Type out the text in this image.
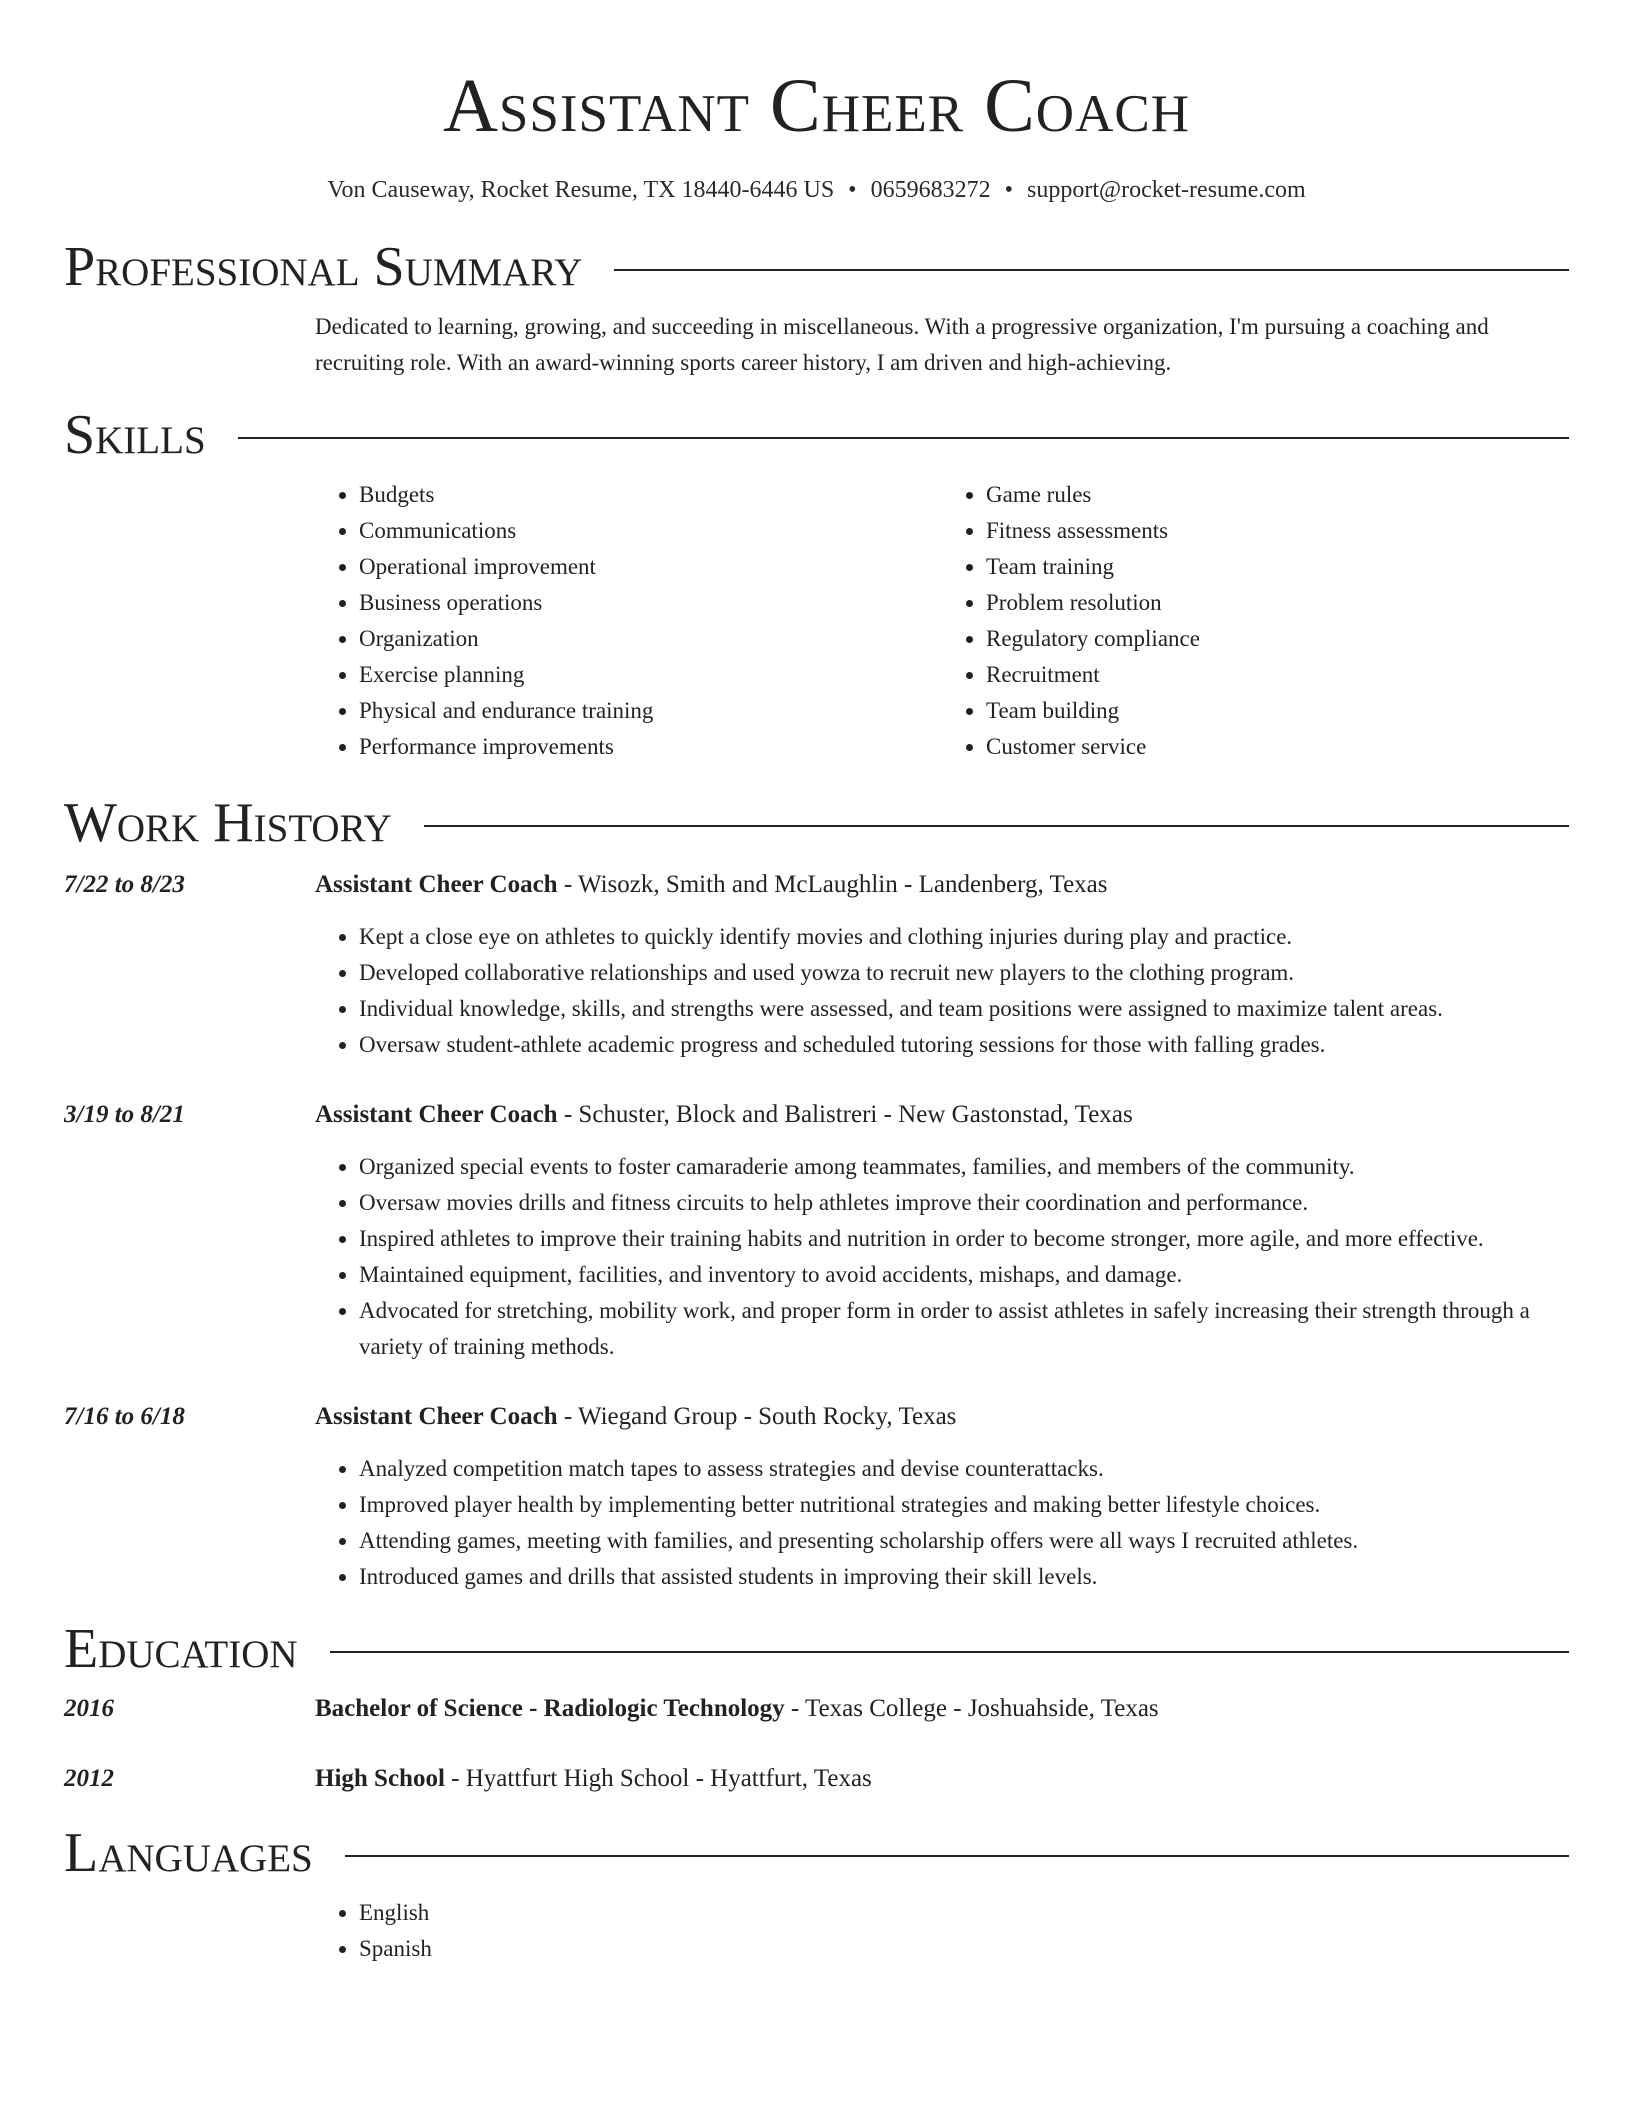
Assistant Cheer Coach
Von Causeway, Rocket Resume, TX 18440-6446 US • 0659683272 • support@rocket-resume.com
Professional Summary

Dedicated to learning, growing, and succeeding in miscellaneous. With a progressive organization, I'm pursuing a coaching and recruiting role. With an award-winning sports career history, I am driven and high-achieving.

Skills
• Budgets
• Communications
• Operational improvement
• Business operations
• Organization
• Exercise planning
• Physical and endurance training
• Performance improvements
• Game rules
• Fitness assessments
• Team training
• Problem resolution
• Regulatory compliance
• Recruitment
• Team building
• Customer service
Work History
7/22 to 8/23	Assistant Cheer Coach - Wisozk, Smith and McLaughlin - Landenberg, Texas
• Kept a close eye on athletes to quickly identify movies and clothing injuries during play and practice.
• Developed collaborative relationships and used yowza to recruit new players to the clothing program.
• Individual knowledge, skills, and strengths were assessed, and team positions were assigned to maximize talent areas.
• Oversaw student-athlete academic progress and scheduled tutoring sessions for those with falling grades.
3/19 to 8/21	Assistant Cheer Coach - Schuster, Block and Balistreri - New Gastonstad, Texas
• Organized special events to foster camaraderie among teammates, families, and members of the community.
• Oversaw movies drills and fitness circuits to help athletes improve their coordination and performance.
• Inspired athletes to improve their training habits and nutrition in order to become stronger, more agile, and more effective.
• Maintained equipment, facilities, and inventory to avoid accidents, mishaps, and damage.
• Advocated for stretching, mobility work, and proper form in order to assist athletes in safely increasing their strength through a variety of training methods.
7/16 to 6/18	Assistant Cheer Coach - Wiegand Group - South Rocky, Texas
• Analyzed competition match tapes to assess strategies and devise counterattacks.
• Improved player health by implementing better nutritional strategies and making better lifestyle choices.
• Attending games, meeting with families, and presenting scholarship offers were all ways I recruited athletes.
• Introduced games and drills that assisted students in improving their skill levels.
Education
2016	Bachelor of Science - Radiologic Technology - Texas College - Joshuahside, Texas
2012	High School - Hyattfurt High School - Hyattfurt, Texas
Languages
• English
• Spanish
